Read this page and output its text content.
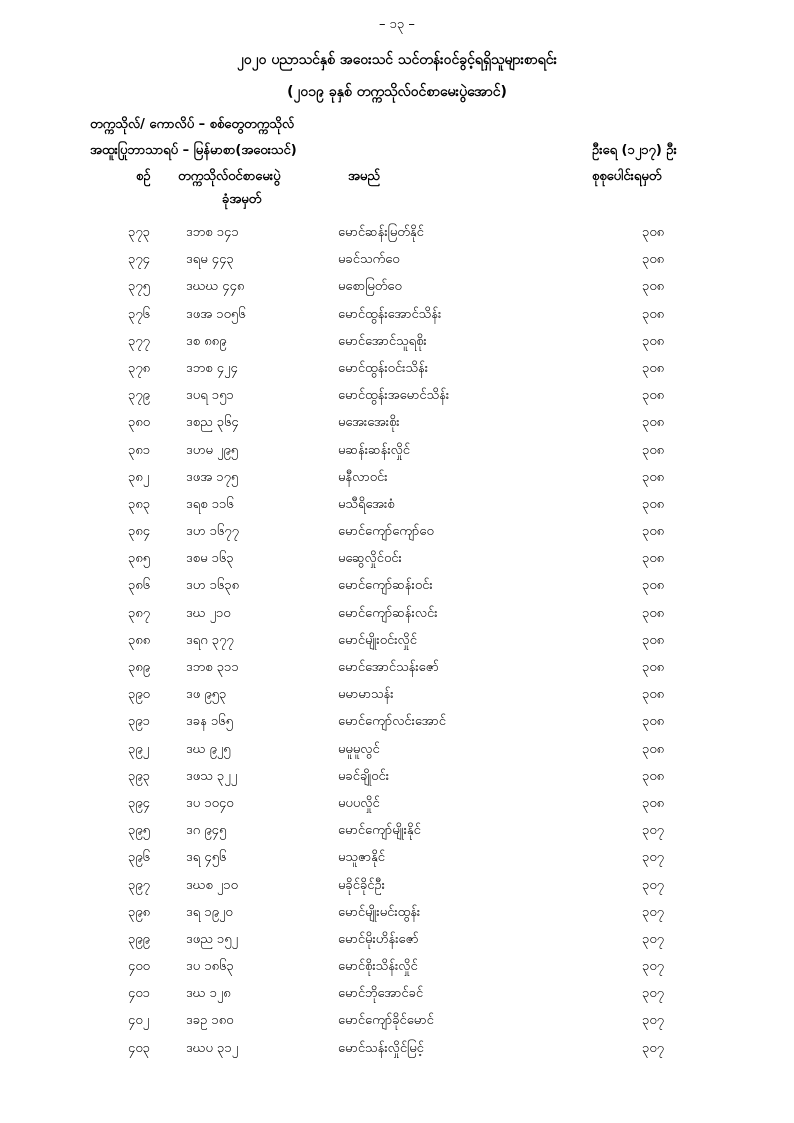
– ၁၃ –
၂၀၂၀ ပညာသင်နှစ် အဝေးသင် သင်တန်းဝင်ခွင့်ရရှိသူများစာရင်း
(၂၀၁၉ ခုနှစ် တက္ကသိုလ်ဝင်စာမေးပွဲအောင်)
တက္ကသိုလ်/ ကောလိပ် – စစ်တွေတက္ကသိုလ်
အထူးပြုဘာသာရပ် – မြန်မာစာ(အဝေးသင်)	ဦးရေ (၁၂၁၇) ဦး
စဉ် တက္ကသိုလ်ဝင်စာမေးပွဲ
ခုံအမှတ်
အမည်	စုစုပေါင်းရမှတ်
၃၇၃	ဒဘစ ၁၄၁	မောင်ဆန်းမြတ်နိုင်	၃၀၈
၃၇၄	ဒရမ ၄၄၃	မခင်သက်ဝေ	၃၀၈
၃၇၅	ဒဃဃ ၄၄၈	မစောမြတ်ဝေ	၃၀၈
၃၇၆	ဒဖအ ၁၀၅၆	မောင်ထွန်းအောင်သိန်း	၃၀၈
၃၇၇	ဒစ ၈၈၉	မောင်အောင်သူရစိုး	၃၀၈
၃၇၈	ဒဘစ ၄၂၄	မောင်ထွန်းဝင်းသိန်း	၃၀၈
၃၇၉	ဒပရ ၁၅၁	မောင်ထွန်းအမောင်သိန်း	၃၀၈
၃၈၀	ဒစည ၃၆၄	မအေးအေးစိုး	၃၀၈
၃၈၁	ဒဟမ ၂၉၅	မဆန်းဆန်းလှိုင်	၃၀၈
၃၈၂	ဒဖအ ၁၇၅	မနီလာဝင်း	၃၀၈
၃၈၃	ဒရစ ၁၁၆	မသီရိအေးစံ	၃၀၈
၃၈၄	ဒဟ ၁၆၇၇	မောင်ကျော်ကျော်ဝေ	၃၀၈
၃၈၅	ဒစမ ၁၆၃	မဆွေလှိုင်ဝင်း	၃၀၈
၃၈၆	ဒဟ ၁၆၃၈	မောင်ကျော်ဆန်းဝင်း	၃၀၈
၃၈၇	ဒဃ ၂၁၀	မောင်ကျော်ဆန်းလင်း	၃၀၈
၃၈၈	ဒရဂ ၃၇၇	မောင်မျိုးဝင်းလှိုင်	၃၀၈
၃၈၉	ဒဘစ ၃၁၁	မောင်အောင်သန်းဇော်	၃၀၈
၃၉၀	ဒဖ ၉၅၃	မမာမာသန်း	၃၀၈
၃၉၁	ဒခန ၁၆၅	မောင်ကျော်လင်းအောင်	၃၀၈
၃၉၂	ဒဃ ၉၂၅	မမူမူလွင်	၃၀၈
၃၉၃	ဒဖသ ၃၂၂	မခင်ချိုဝင်း	၃၀၈
၃၉၄	ဒပ ၁၀၄၀	မပပလှိုင်	၃၀၈
၃၉၅	ဒဂ ၉၄၅	မောင်ကျော်မျိုးနိုင်	၃၀၇
၃၉၆	ဒရ ၄၅၆	မသူဇာနိုင်	၃၀၇
၃၉၇	ဒဃစ ၂၁၀	မခိုင်ခိုင်ဦး	၃၀၇
၃၉၈	ဒရ ၁၉၂၀	မောင်မျိုးမင်းထွန်း	၃၀၇
၃၉၉	ဒဖည ၁၅၂	မောင်မိုးဟိန်းဇော်	၃၀၇
၄၀၀	ဒပ ၁၈၆၃	မောင်စိုးသိန်းလှိုင်	၃၀၇
၄၀၁	ဒဃ ၁၂၈	မောင်ဘိုအောင်ခင်	၃၀၇
၄၀၂	ဒခဥ ၁၈၀	မောင်ကျော်ခိုင်မောင်	၃၀၇
၄၀၃	ဒဃပ ၃၁၂	မောင်သန်းလှိုင်မြင့်	၃၀၇
